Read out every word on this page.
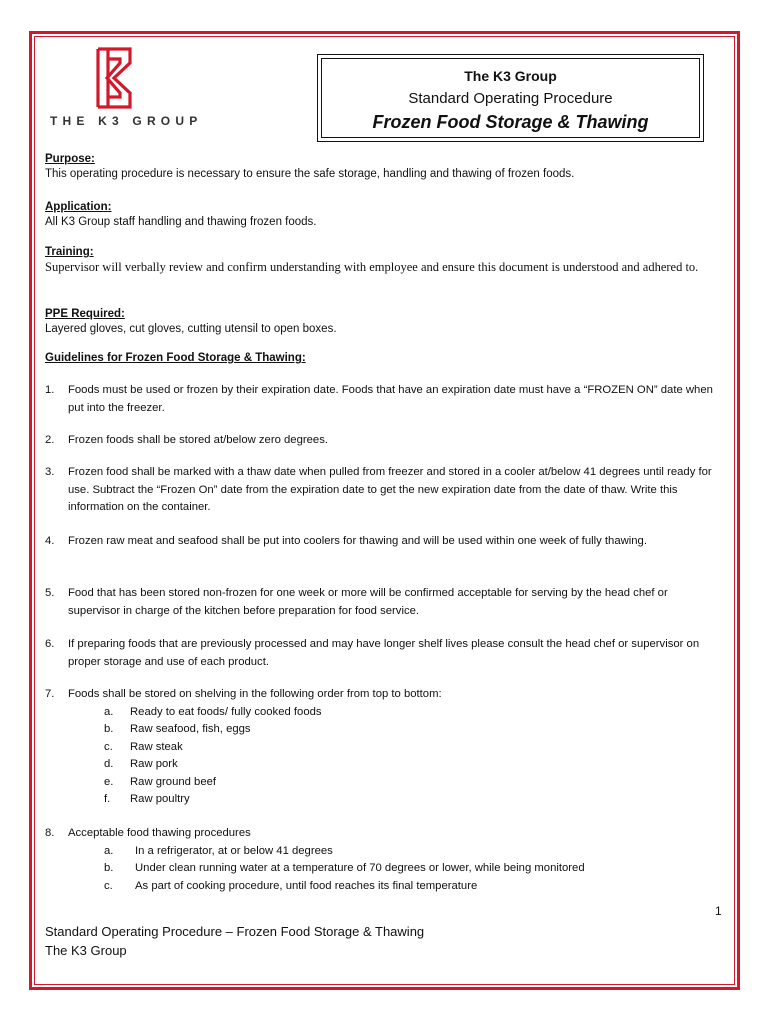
THE K3 GROUP
The K3 Group
Standard Operating Procedure
Frozen Food Storage & Thawing
Purpose:
This operating procedure is necessary to ensure the safe storage, handling and thawing of frozen foods.
Application:
All K3 Group staff handling and thawing frozen foods.
Training:
Supervisor will verbally review and confirm understanding with employee and ensure this document is understood and adhered to.
PPE Required:
Layered gloves, cut gloves, cutting utensil to open boxes.
Guidelines for Frozen Food Storage & Thawing:
1.	Foods must be used or frozen by their expiration date. Foods that have an expiration date must have a “FROZEN ON” date when put into the freezer.
2.	Frozen foods shall be stored at/below zero degrees.
3.	Frozen food shall be marked with a thaw date when pulled from freezer and stored in a cooler at/below 41 degrees until ready for use. Subtract the “Frozen On” date from the expiration date to get the new expiration date from the date of thaw. Write this information on the container.
4.	Frozen raw meat and seafood shall be put into coolers for thawing and will be used within one week of fully thawing.
5.	Food that has been stored non-frozen for one week or more will be confirmed acceptable for serving by the head chef or supervisor in charge of the kitchen before preparation for food service.
6.	If preparing foods that are previously processed and may have longer shelf lives please consult the head chef or supervisor on proper storage and use of each product.
7.	Foods shall be stored on shelving in the following order from top to bottom:
a. Ready to eat foods/ fully cooked foods
b. Raw seafood, fish, eggs
c. Raw steak
d. Raw pork
e. Raw ground beef
f. Raw poultry
8.	Acceptable food thawing procedures
a. In a refrigerator, at or below 41 degrees
b. Under clean running water at a temperature of 70 degrees or lower, while being monitored
c. As part of cooking procedure, until food reaches its final temperature
1
Standard Operating Procedure – Frozen Food Storage & Thawing
The K3 Group
